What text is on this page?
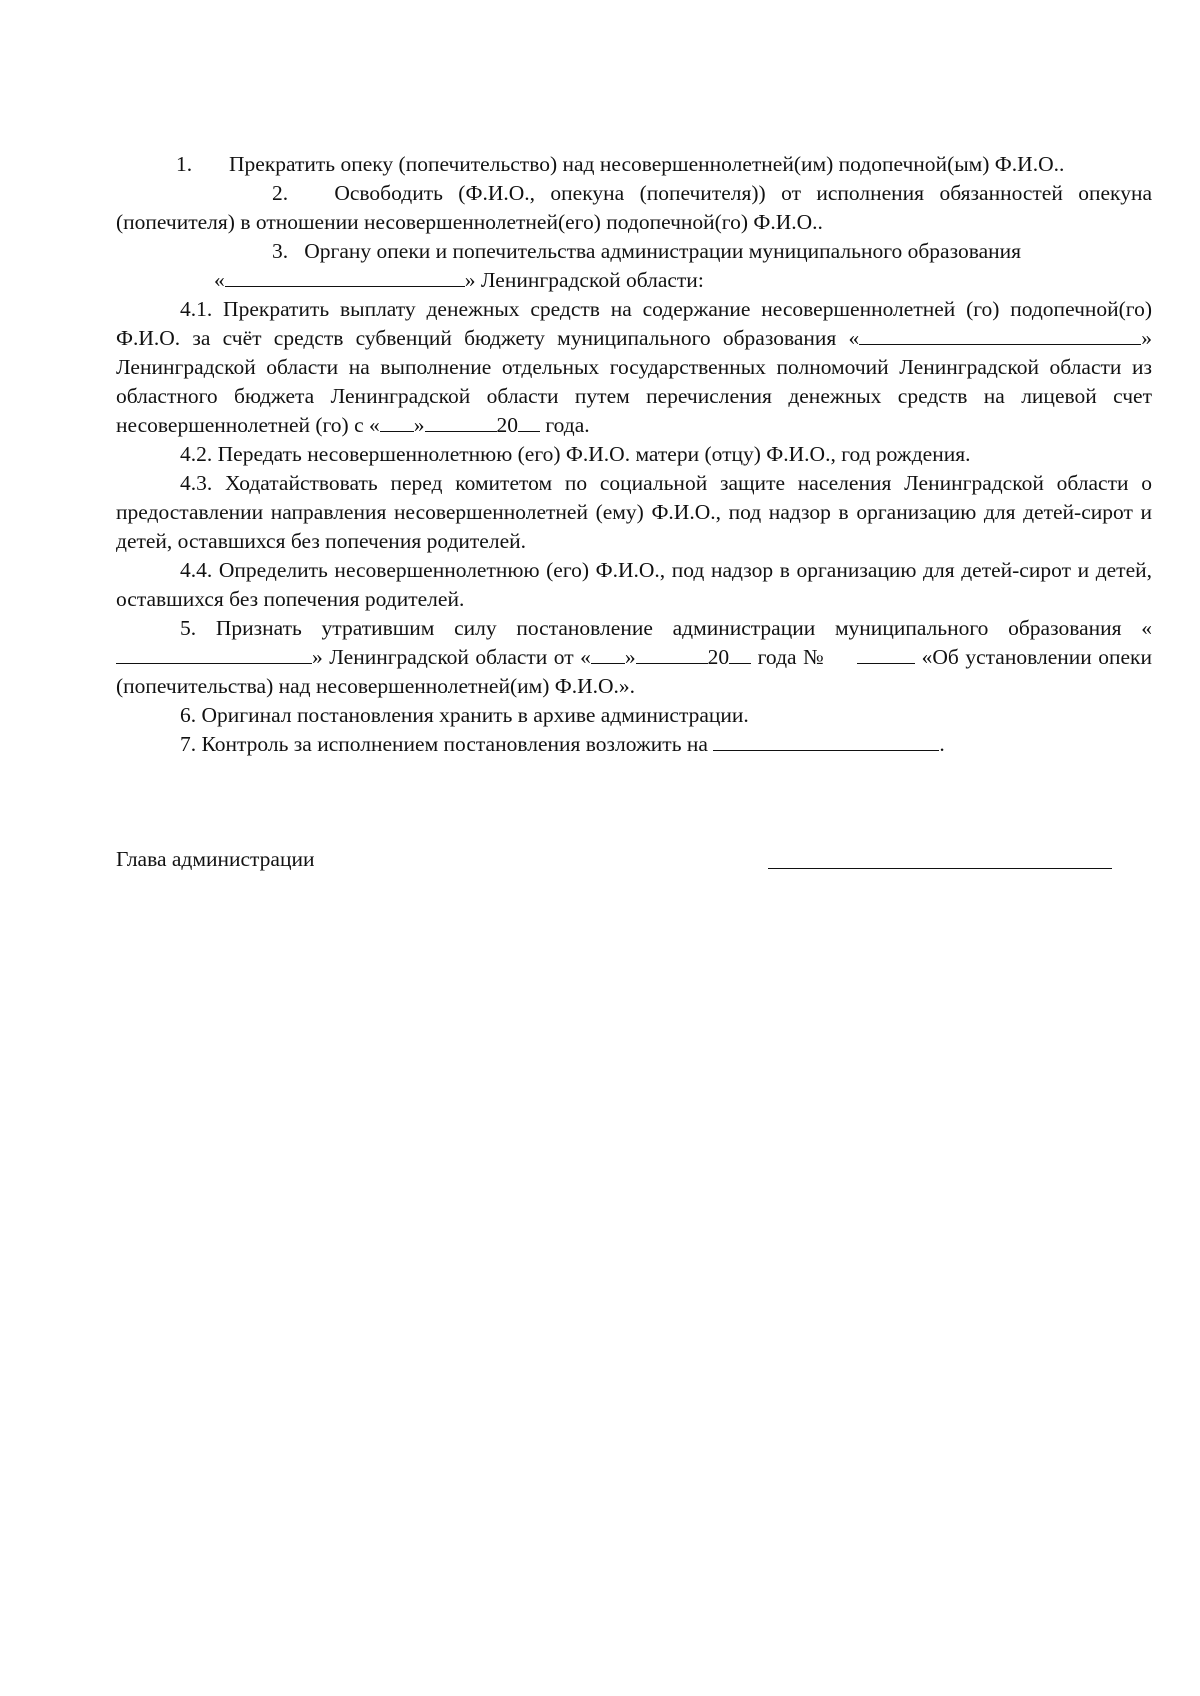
1. Прекратить опеку (попечительство) над несовершеннолетней(им) подопечной(ым) Ф.И.О..

2. Освободить (Ф.И.О., опекуна (попечителя)) от исполнения обязанностей опекуна (попечителя) в отношении несовершеннолетней(его) подопечной(го) Ф.И.О..

3. Органу опеки и попечительства администрации муниципального образования

«	» Ленинградской области:

4.1. Прекратить выплату денежных средств на содержание несовершеннолетней (го) подопечной(го) Ф.И.О. за счёт средств субвенций бюджету муниципального образования «	» Ленинградской области на выполнение отдельных государственных полномочий Ленинградской области из областного бюджета Ленинградской области путем перечисления денежных средств на лицевой счет несовершеннолетней (го) с « »	20 года.

4.2. Передать несовершеннолетнюю (его) Ф.И.О. матери (отцу) Ф.И.О., год рождения.

4.3. Ходатайствовать перед комитетом по социальной защите населения Ленинградской области о предоставлении направления несовершеннолетней (ему) Ф.И.О., под надзор в организацию для детей-сирот и детей, оставшихся без попечения родителей.

4.4. Определить несовершеннолетнюю (его) Ф.И.О., под надзор в организацию для детей-сирот и детей, оставшихся без попечения родителей.

5. Признать утратившим силу постановление администрации муниципального образования «» Ленинградской области от « »	20 года №	«Об установлении опеки (попечительства) над несовершеннолетней(им) Ф.И.О.».

6. Оригинал постановления хранить в архиве администрации.

7. Контроль за исполнением постановления возложить на	.

Глава администрации
